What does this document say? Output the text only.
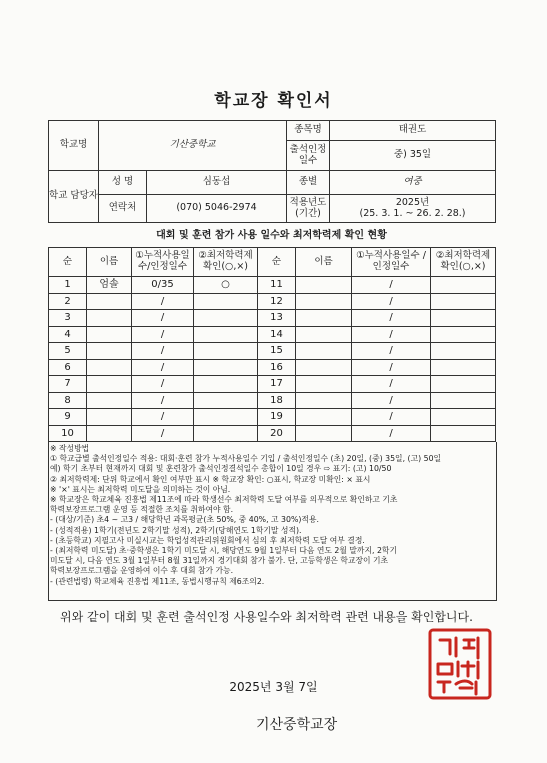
학교장 확인서
학교명	기산중학교		종목명	태권도
			출석인정 일수	중) 35일
학교 담당자	성 명	심동섭	종별	여중
	연락처	(070) 5046-2974	적용년도 (기간)	2025년
(25. 3. 1. ~ 26. 2. 28.)
대회 및 훈련 참가 사용 일수와 최저학력제 확인 현황
순	이름	①누적사용일 수/인정일수	②최저학력제 확인(○,×)	순	이름	①누적사용일수 /인정일수	②최저학력제 확인(○,×)
1	엄솔	0/35	○	11		/	
2		/		12		/	
3		/		13		/	
4		/		14		/	
5		/		15		/	
6		/		16		/	
7		/		17		/	
8		/		18		/	
9		/		19		/	
10		/		20		/	
※ 작성방법
① 학교급별 출석인정일수 적용: 대회·훈련 참가 누적사용일수 기입 / 출석인정일수 (초) 20일, (중) 35일, (고) 50일
예) 학기 초부터 현재까지 대회 및 훈련참가 출석인정결석일수 총합이 10일 경우 ⇨ 표기: (고) 10/50
② 최저학력제: 단위 학교에서 확인 여부만 표시 ※ 학교장 확인: ○표시, 학교장 미확인: × 표시
※ '×' 표시는 최저학력 미도달을 의미하는 것이 아님.
※ 학교장은 학교체육 진흥법 제11조에 따라 학생선수 최저학력 도달 여부를 의무적으로 확인하고 기초
학력보장프로그램 운영 등 적절한 조치를 취하여야 함.
- (대상/기준) 초4 ~ 고3 / 해당학년 과목평균(초 50%, 중 40%, 고 30%)적용.
- (성적적용) 1학기(전년도 2학기말 성적), 2학기(당해연도 1학기말 성적).
- (초등학교) 지필고사 미실시교는 학업성적관리위원회에서 심의 후 최저학력 도달 여부 결정.
- (최저학력 미도달) 초·중학생은 1학기 미도달 시, 해당연도 9월 1일부터 다음 연도 2월 말까지, 2학기
미도달 시, 다음 연도 3월 1일부터 8월 31일까지 경기대회 참가 불가. 단, 고등학생은 학교장이 기초
학력보장프로그램을 운영하여 이수 후 대회 참가 가능.
- (관련법령) 학교체육 진흥법 제11조, 동법시행규칙 제6조의2.
위와 같이 대회 및 훈련 출석인정 사용일수와 최저학력 관련 내용을 확인합니다.
2025년 3월 7일
기산중학교장
